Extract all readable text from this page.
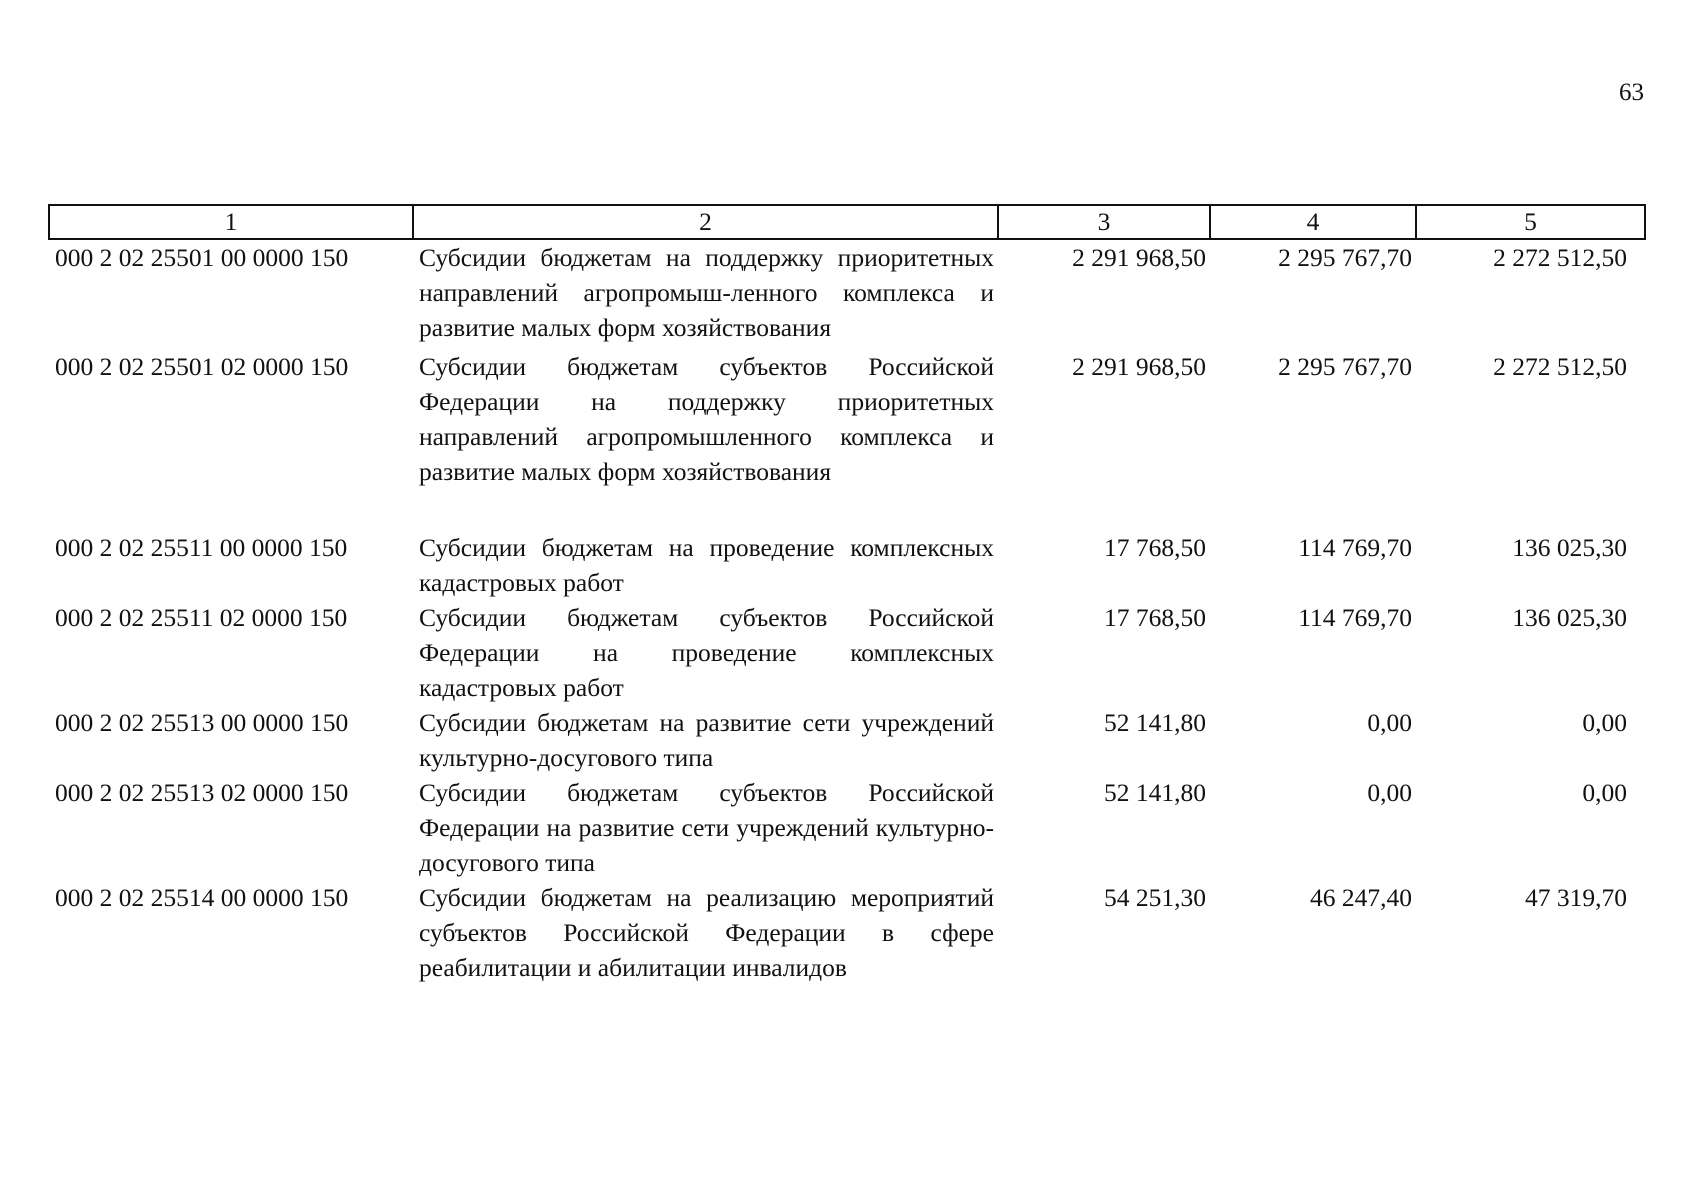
63
1	2	3	4	5
000 2 02 25501 00 0000 150	Субсидии бюджетам на поддержку приоритетных направлений агропромыш-ленного комплекса и развитие малых форм хозяйствования	2 291 968,50	2 295 767,70	2 272 512,50
000 2 02 25501 02 0000 150	Субсидии бюджетам субъектов Российской Федерации на поддержку приоритетных направлений агропромышленного комплекса и развитие малых форм хозяйствования	2 291 968,50	2 295 767,70	2 272 512,50
000 2 02 25511 00 0000 150	Субсидии бюджетам на проведение комплексных кадастровых работ	17 768,50	114 769,70	136 025,30
000 2 02 25511 02 0000 150	Субсидии бюджетам субъектов Российской Федерации на проведение комплексных кадастровых работ	17 768,50	114 769,70	136 025,30
000 2 02 25513 00 0000 150	Субсидии бюджетам на развитие сети учреждений культурно-досугового типа	52 141,80	0,00	0,00
000 2 02 25513 02 0000 150	Субсидии бюджетам субъектов Российской Федерации на развитие сети учреждений культурно-досугового типа	52 141,80	0,00	0,00
000 2 02 25514 00 0000 150	Субсидии бюджетам на реализацию мероприятий субъектов Российской Федерации в сфере реабилитации и абилитации инвалидов	54 251,30	46 247,40	47 319,70
